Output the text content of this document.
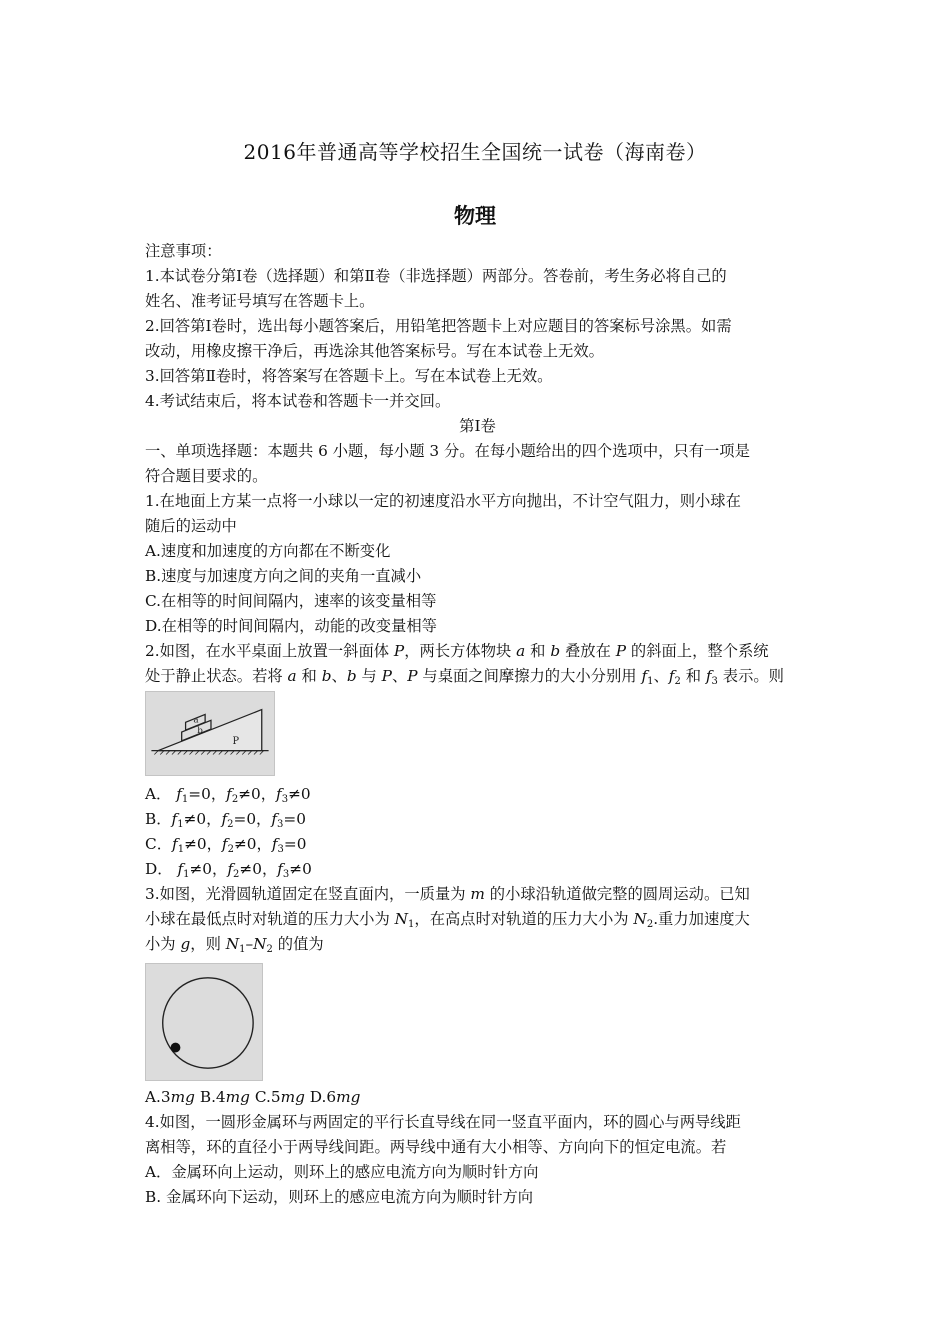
2016年普通高等学校招生全国统一试卷（海南卷）
物理
注意事项：
1.本试卷分第Ⅰ卷（选择题）和第Ⅱ卷（非选择题）两部分。答卷前，考生务必将自己的
姓名、准考证号填写在答题卡上。
2.回答第Ⅰ卷时，选出每小题答案后，用铅笔把答题卡上对应题目的答案标号涂黑。如需
改动，用橡皮擦干净后，再选涂其他答案标号。写在本试卷上无效。
3.回答第Ⅱ卷时，将答案写在答题卡上。写在本试卷上无效。
4.考试结束后，将本试卷和答题卡一并交回。
第Ⅰ卷
一、单项选择题：本题共 6 小题，每小题 3 分。在每小题给出的四个选项中，只有一项是
符合题目要求的。
1.在地面上方某一点将一小球以一定的初速度沿水平方向抛出，不计空气阻力，则小球在
随后的运动中
A.速度和加速度的方向都在不断变化
B.速度与加速度方向之间的夹角一直减小
C.在相等的时间间隔内，速率的该变量相等
D.在相等的时间间隔内，动能的改变量相等
2.如图，在水平桌面上放置一斜面体 P，两长方体物块 a 和 b 叠放在 P 的斜面上，整个系统
处于静止状态。若将 a 和 b、b 与 P、P 与桌面之间摩擦力的大小分别用 $f_1$、$f_2$ 和 $f_3$ 表示。则
a
b
P
A． $f_1=0$，$f_2\ne 0$，$f_3\ne 0$
B．$f_1\ne 0$，$f_2=0$，$f_3=0$
C．$f_1\ne 0$，$f_2\ne 0$，$f_3=0$
D． $f_1\ne 0$，$f_2\ne 0$，$f_3\ne 0$
3.如图，光滑圆轨道固定在竖直面内，一质量为 m 的小球沿轨道做完整的圆周运动。已知
小球在最低点时对轨道的压力大小为 $N_1$，在高点时对轨道的压力大小为 $N_2$.重力加速度大
小为 g，则 $N_1-N_2$ 的值为
A.3mg B.4mg C.5mg D.6mg
4.如图，一圆形金属环与两固定的平行长直导线在同一竖直平面内，环的圆心与两导线距
离相等，环的直径小于两导线间距。两导线中通有大小相等、方向向下的恒定电流。若
A．金属环向上运动，则环上的感应电流方向为顺时针方向
B. 金属环向下运动，则环上的感应电流方向为顺时针方向
